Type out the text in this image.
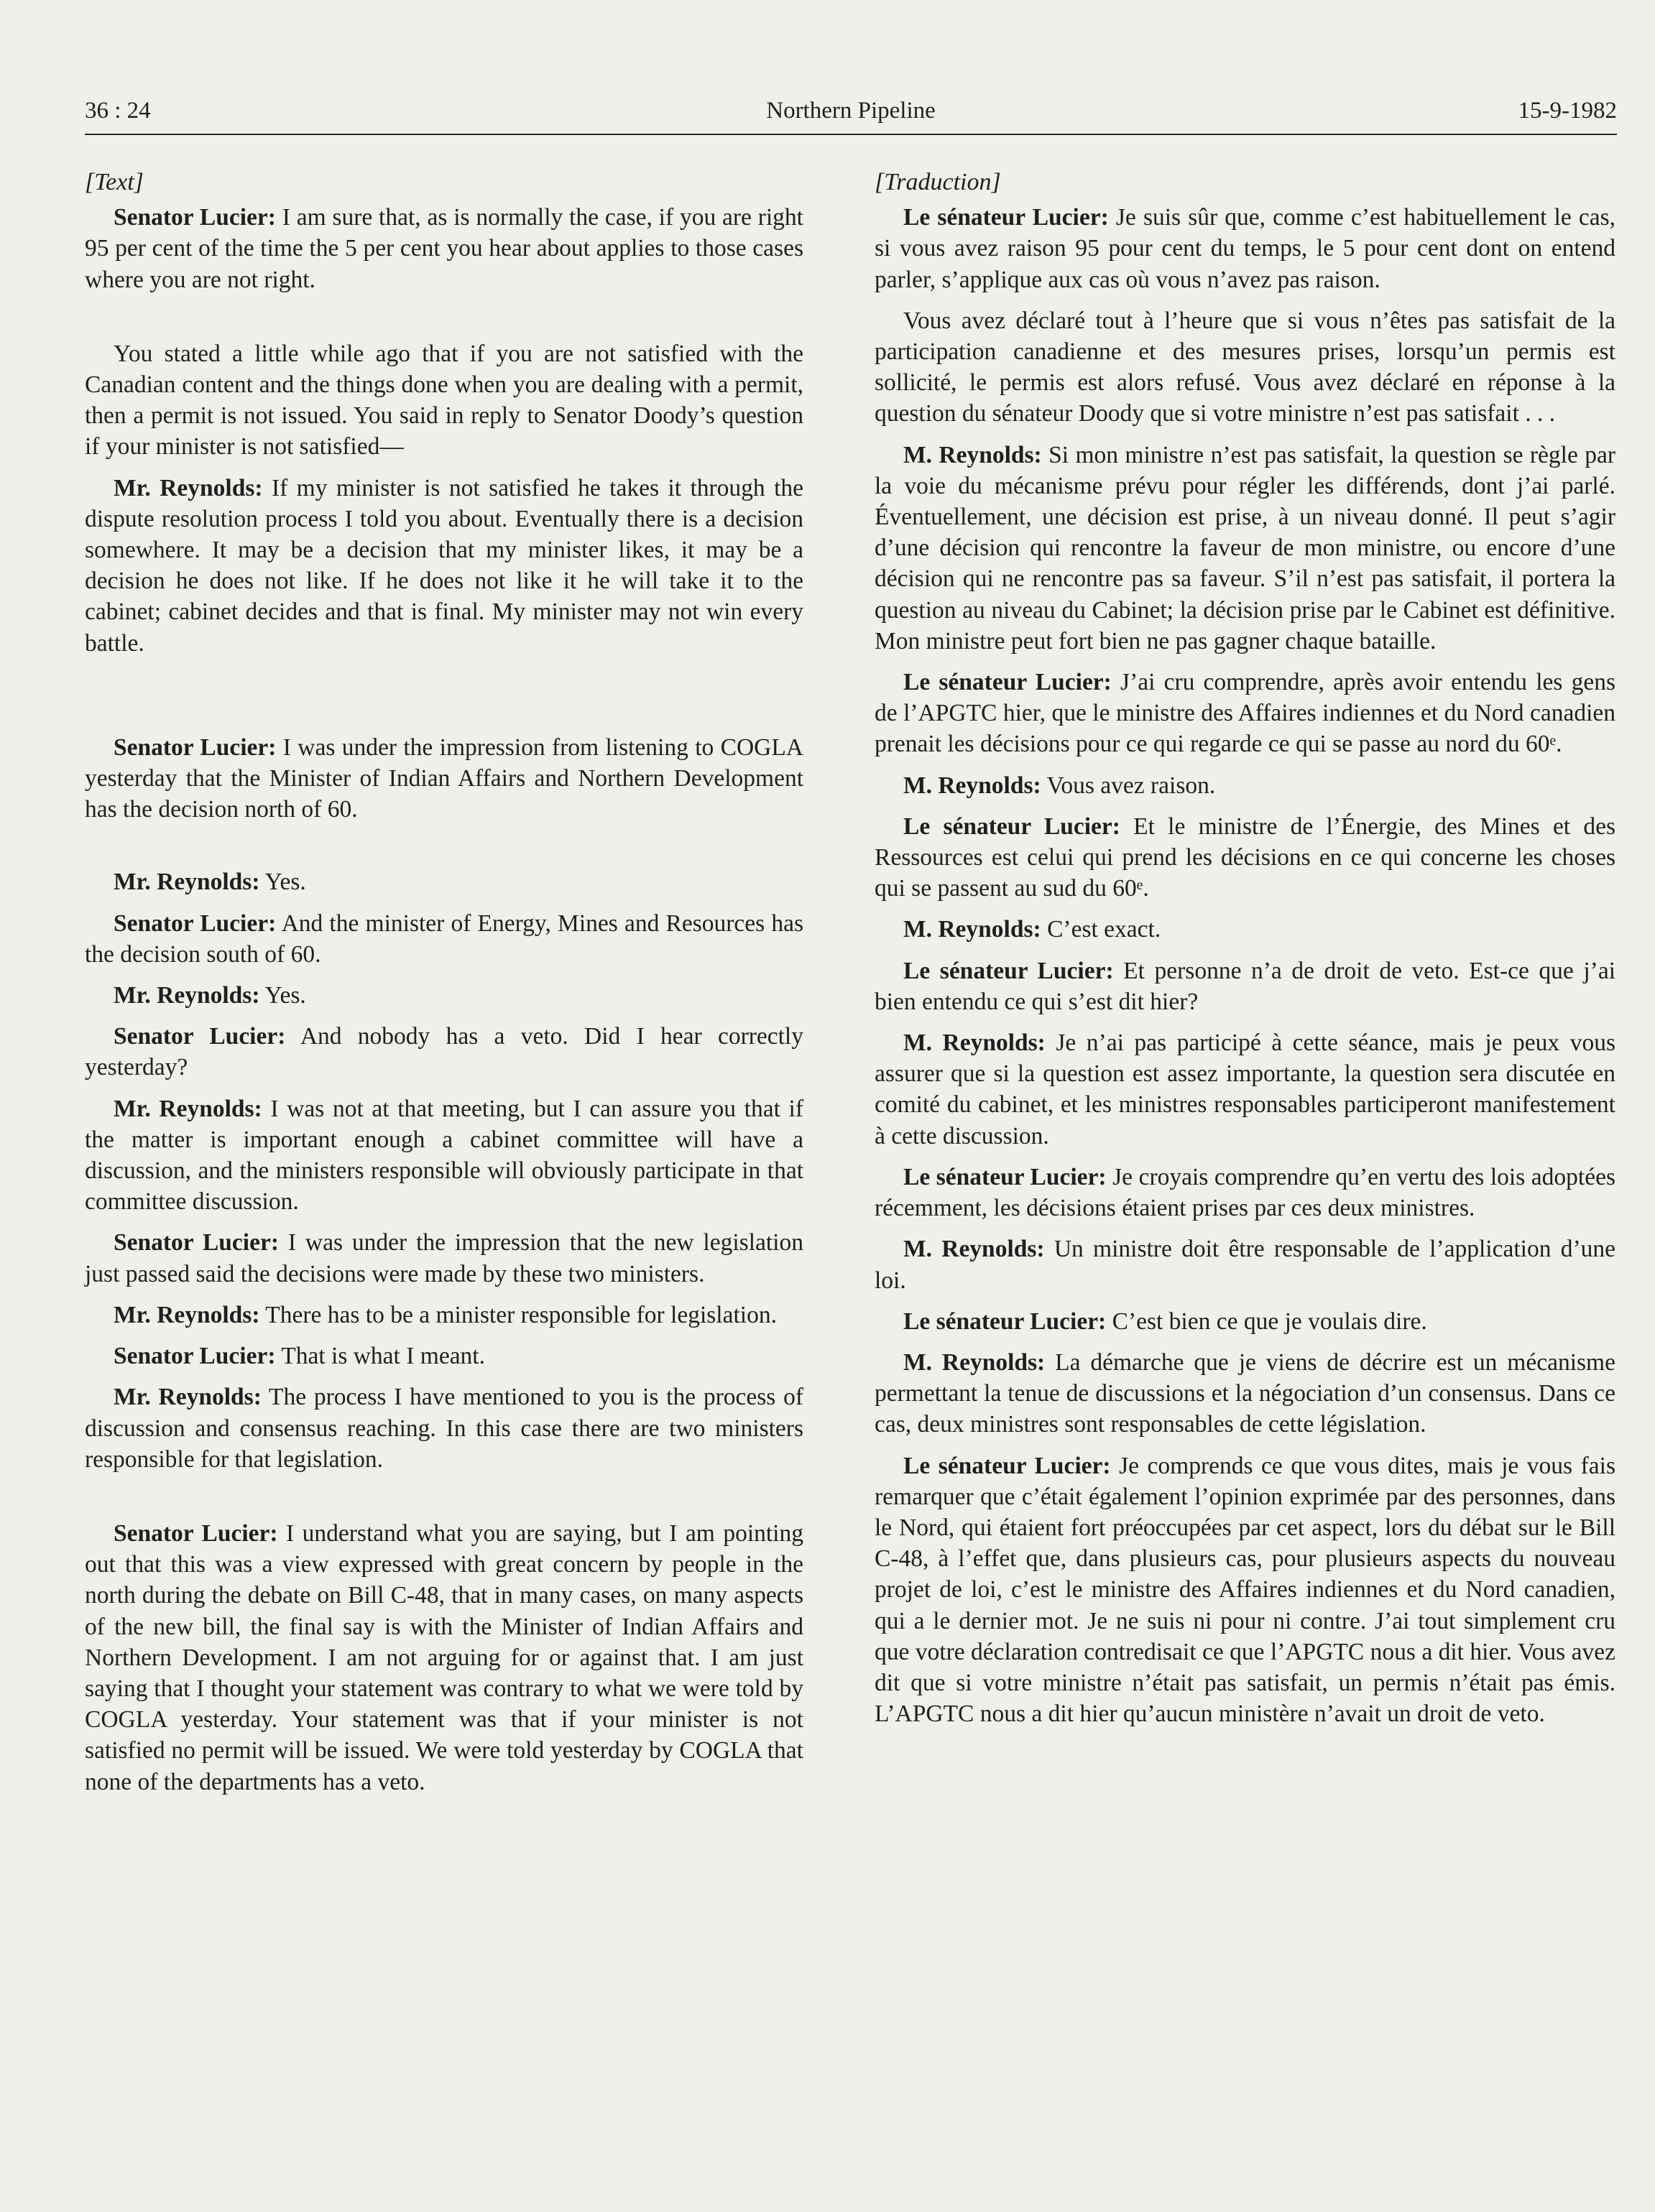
36 : 24	Northern Pipeline	15-9-1982
[Text]

Senator Lucier: I am sure that, as is normally the case, if you are right 95 per cent of the time the 5 per cent you hear about applies to those cases where you are not right.

You stated a little while ago that if you are not satisfied with the Canadian content and the things done when you are dealing with a permit, then a permit is not issued. You said in reply to Senator Doody’s question if your minister is not satisfied—

Mr. Reynolds: If my minister is not satisfied he takes it through the dispute resolution process I told you about. Eventually there is a decision somewhere. It may be a decision that my minister likes, it may be a decision he does not like. If he does not like it he will take it to the cabinet; cabinet decides and that is final. My minister may not win every battle.

Senator Lucier: I was under the impression from listening to COGLA yesterday that the Minister of Indian Affairs and Northern Development has the decision north of 60.

Mr. Reynolds: Yes.

Senator Lucier: And the minister of Energy, Mines and Resources has the decision south of 60.

Mr. Reynolds: Yes.

Senator Lucier: And nobody has a veto. Did I hear correctly yesterday?

Mr. Reynolds: I was not at that meeting, but I can assure you that if the matter is important enough a cabinet committee will have a discussion, and the ministers responsible will obviously participate in that committee discussion.

Senator Lucier: I was under the impression that the new legislation just passed said the decisions were made by these two ministers.

Mr. Reynolds: There has to be a minister responsible for legislation.

Senator Lucier: That is what I meant.

Mr. Reynolds: The process I have mentioned to you is the process of discussion and consensus reaching. In this case there are two ministers responsible for that legislation.

Senator Lucier: I understand what you are saying, but I am pointing out that this was a view expressed with great concern by people in the north during the debate on Bill C-48, that in many cases, on many aspects of the new bill, the final say is with the Minister of Indian Affairs and Northern Development. I am not arguing for or against that. I am just saying that I thought your statement was contrary to what we were told by COGLA yesterday. Your statement was that if your minister is not satisfied no permit will be issued. We were told yesterday by COGLA that none of the departments has a veto.

[Traduction]

Le sénateur Lucier: Je suis sûr que, comme c’est habituellement le cas, si vous avez raison 95 pour cent du temps, le 5 pour cent dont on entend parler, s’applique aux cas où vous n’avez pas raison.

Vous avez déclaré tout à l’heure que si vous n’êtes pas satisfait de la participation canadienne et des mesures prises, lorsqu’un permis est sollicité, le permis est alors refusé. Vous avez déclaré en réponse à la question du sénateur Doody que si votre ministre n’est pas satisfait . . .

M. Reynolds: Si mon ministre n’est pas satisfait, la question se règle par la voie du mécanisme prévu pour régler les différends, dont j’ai parlé. Éventuellement, une décision est prise, à un niveau donné. Il peut s’agir d’une décision qui rencontre la faveur de mon ministre, ou encore d’une décision qui ne rencontre pas sa faveur. S’il n’est pas satisfait, il portera la question au niveau du Cabinet; la décision prise par le Cabinet est définitive. Mon ministre peut fort bien ne pas gagner chaque bataille.

Le sénateur Lucier: J’ai cru comprendre, après avoir entendu les gens de l’APGTC hier, que le ministre des Affaires indiennes et du Nord canadien prenait les décisions pour ce qui regarde ce qui se passe au nord du 60ᵉ.

M. Reynolds: Vous avez raison.

Le sénateur Lucier: Et le ministre de l’Énergie, des Mines et des Ressources est celui qui prend les décisions en ce qui concerne les choses qui se passent au sud du 60ᵉ.

M. Reynolds: C’est exact.

Le sénateur Lucier: Et personne n’a de droit de veto. Est-ce que j’ai bien entendu ce qui s’est dit hier?

M. Reynolds: Je n’ai pas participé à cette séance, mais je peux vous assurer que si la question est assez importante, la question sera discutée en comité du cabinet, et les ministres responsables participeront manifestement à cette discussion.

Le sénateur Lucier: Je croyais comprendre qu’en vertu des lois adoptées récemment, les décisions étaient prises par ces deux ministres.

M. Reynolds: Un ministre doit être responsable de l’application d’une loi.

Le sénateur Lucier: C’est bien ce que je voulais dire.

M. Reynolds: La démarche que je viens de décrire est un mécanisme permettant la tenue de discussions et la négociation d’un consensus. Dans ce cas, deux ministres sont responsables de cette législation.

Le sénateur Lucier: Je comprends ce que vous dites, mais je vous fais remarquer que c’était également l’opinion exprimée par des personnes, dans le Nord, qui étaient fort préoccupées par cet aspect, lors du débat sur le Bill C-48, à l’effet que, dans plusieurs cas, pour plusieurs aspects du nouveau projet de loi, c’est le ministre des Affaires indiennes et du Nord canadien, qui a le dernier mot. Je ne suis ni pour ni contre. J’ai tout simplement cru que votre déclaration contredisait ce que l’APGTC nous a dit hier. Vous avez dit que si votre ministre n’était pas satisfait, un permis n’était pas émis. L’APGTC nous a dit hier qu’aucun ministère n’avait un droit de veto.
